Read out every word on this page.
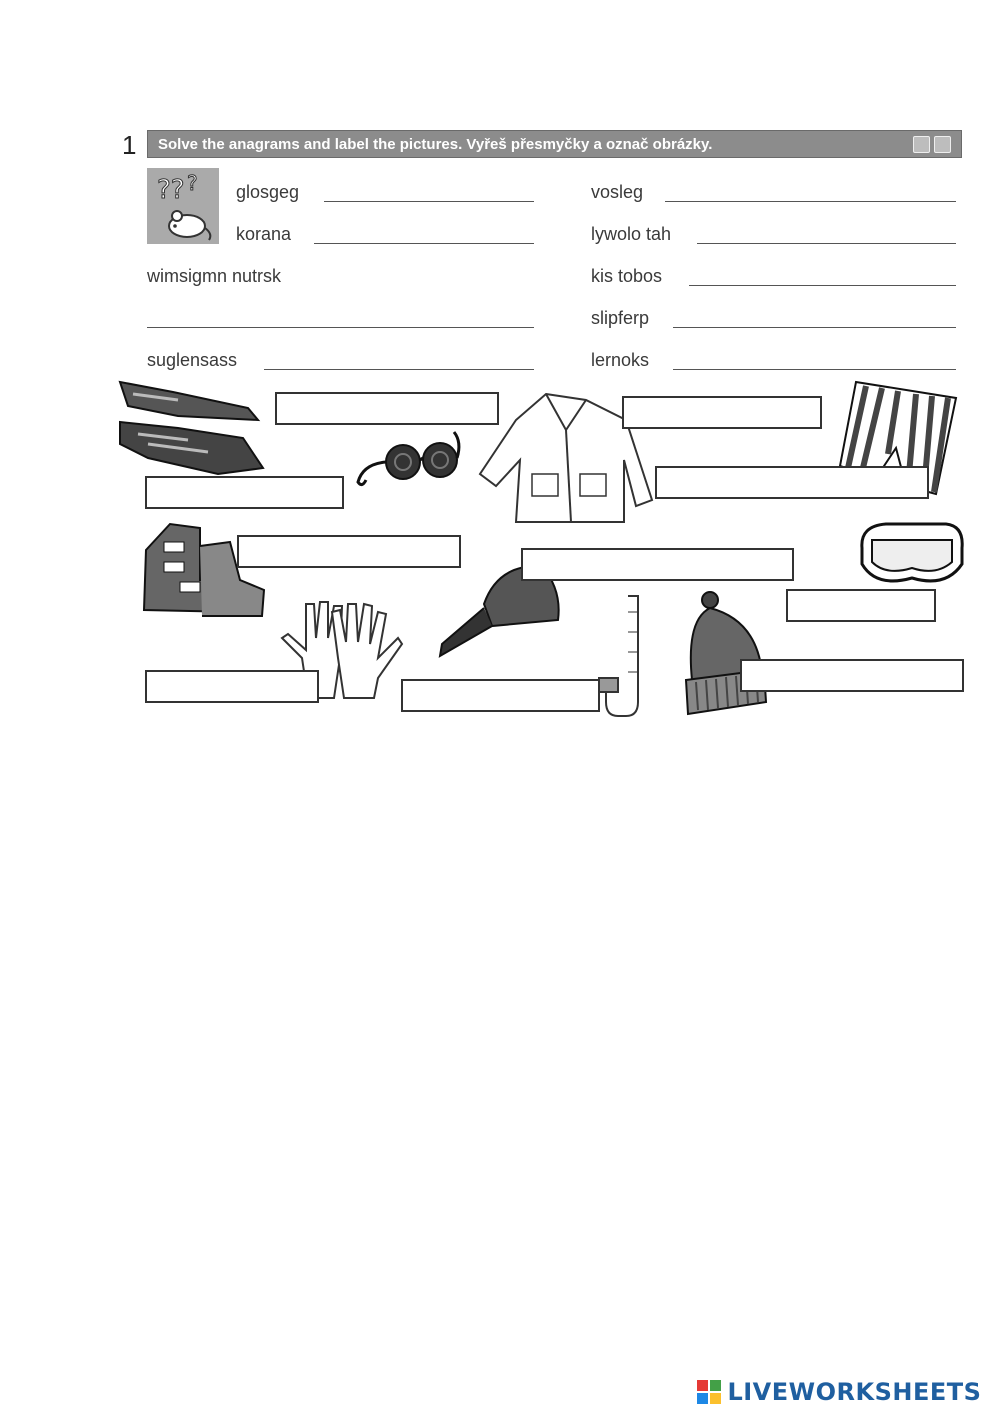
1 Solve the anagrams and label the pictures. Vyřeš přesmyčky a označ obrázky.
?? ? glosgeg
korana
wimsigmn nutrsk
suglensass
vosleg
lywolo tah
kis tobos
slipferp
lernoks
LIVEWORKSHEETS
